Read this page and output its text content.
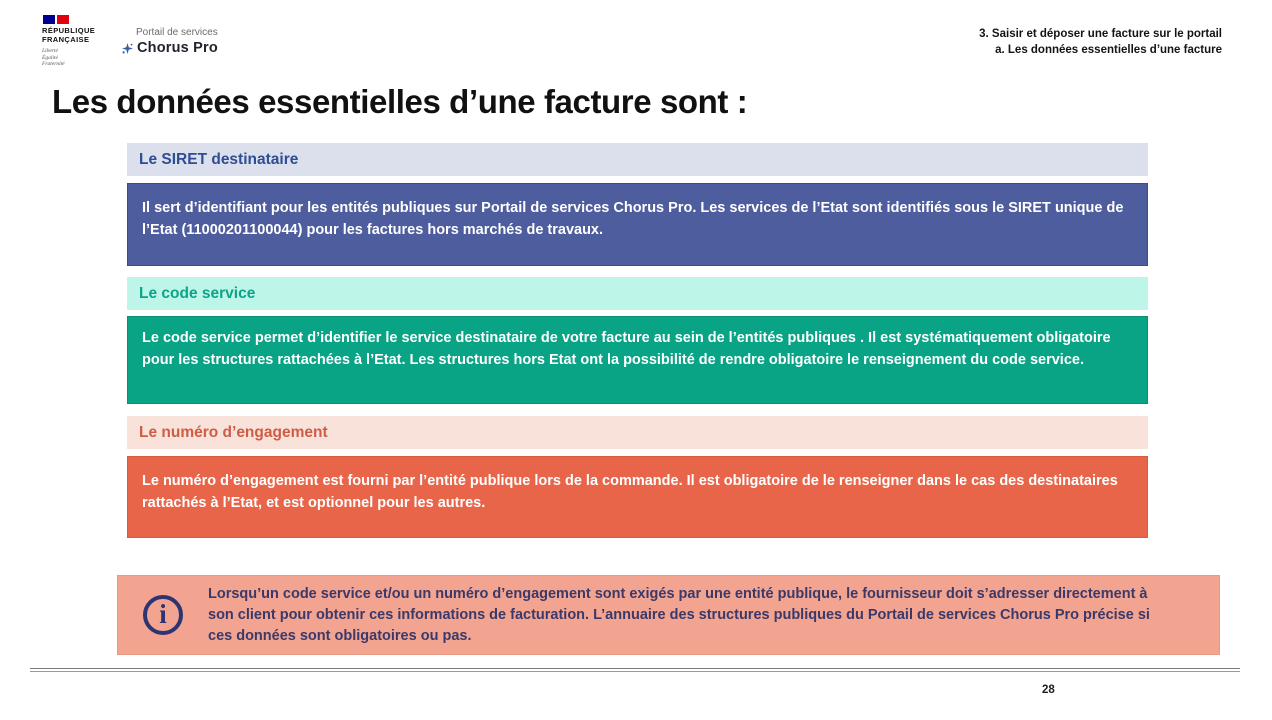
RÉPUBLIQUE
FRANÇAISE
Liberté
Égalité
Fraternité
Portail de services
Chorus Pro
3. Saisir et déposer une facture sur le portail
a. Les données essentielles d’une facture
Les données essentielles d’une facture sont :
Le SIRET destinataire
Il sert d’identifiant pour les entités publiques sur Portail de services Chorus Pro. Les services de l’Etat sont identifiés sous le SIRET unique de l’Etat (11000201100044) pour les factures hors marchés de travaux.
Le code service
Le code service permet d’identifier le service destinataire de votre facture au sein de l’entités publiques . Il est systématiquement obligatoire pour les structures rattachées à l’Etat. Les structures hors Etat ont la possibilité de rendre obligatoire le renseignement du code service.
Le numéro d’engagement
Le numéro d’engagement est fourni par l’entité publique lors de la commande. Il est obligatoire de le renseigner dans le cas des destinataires rattachés à l’Etat, et est optionnel pour les autres.
i

Lorsqu’un code service et/ou un numéro d’engagement sont exigés par une entité publique, le fournisseur doit s’adresser directement à son client pour obtenir ces informations de facturation. L’annuaire des structures publiques du Portail de services Chorus Pro précise si ces données sont obligatoires ou pas.

28
